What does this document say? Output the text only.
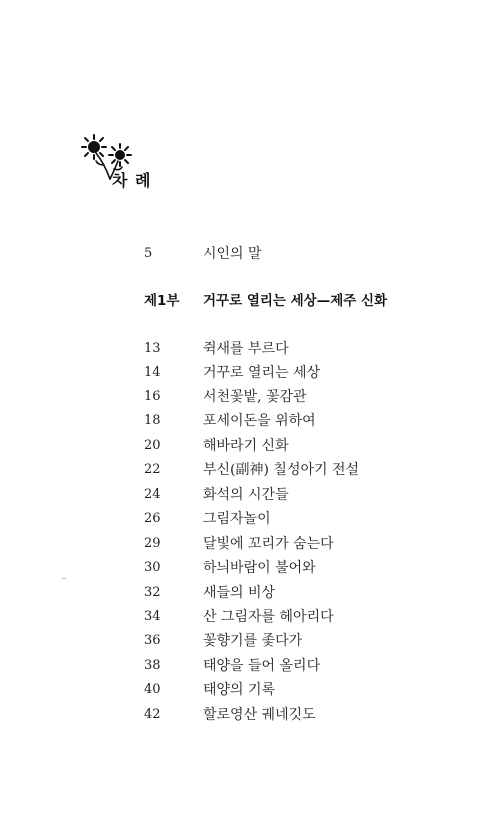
차 례
5	시인의 말
제1부 거꾸로 열리는 세상—제주 신화
13	쥑새를 부르다
14	거꾸로 열리는 세상
16	서천꽃밭, 꽃감관
18	포세이돈을 위하여
20	해바라기 신화
22	부신(副神) 칠성아기 전설
24	화석의 시간들
26	그림자놀이
29	달빛에 꼬리가 숨는다
30	하늬바람이 불어와
32	새들의 비상
34	산 그림자를 헤아리다
36	꽃향기를 좇다가
38	태양을 들어 올리다
40	태양의 기록
42	할로영산 궤네깃도
